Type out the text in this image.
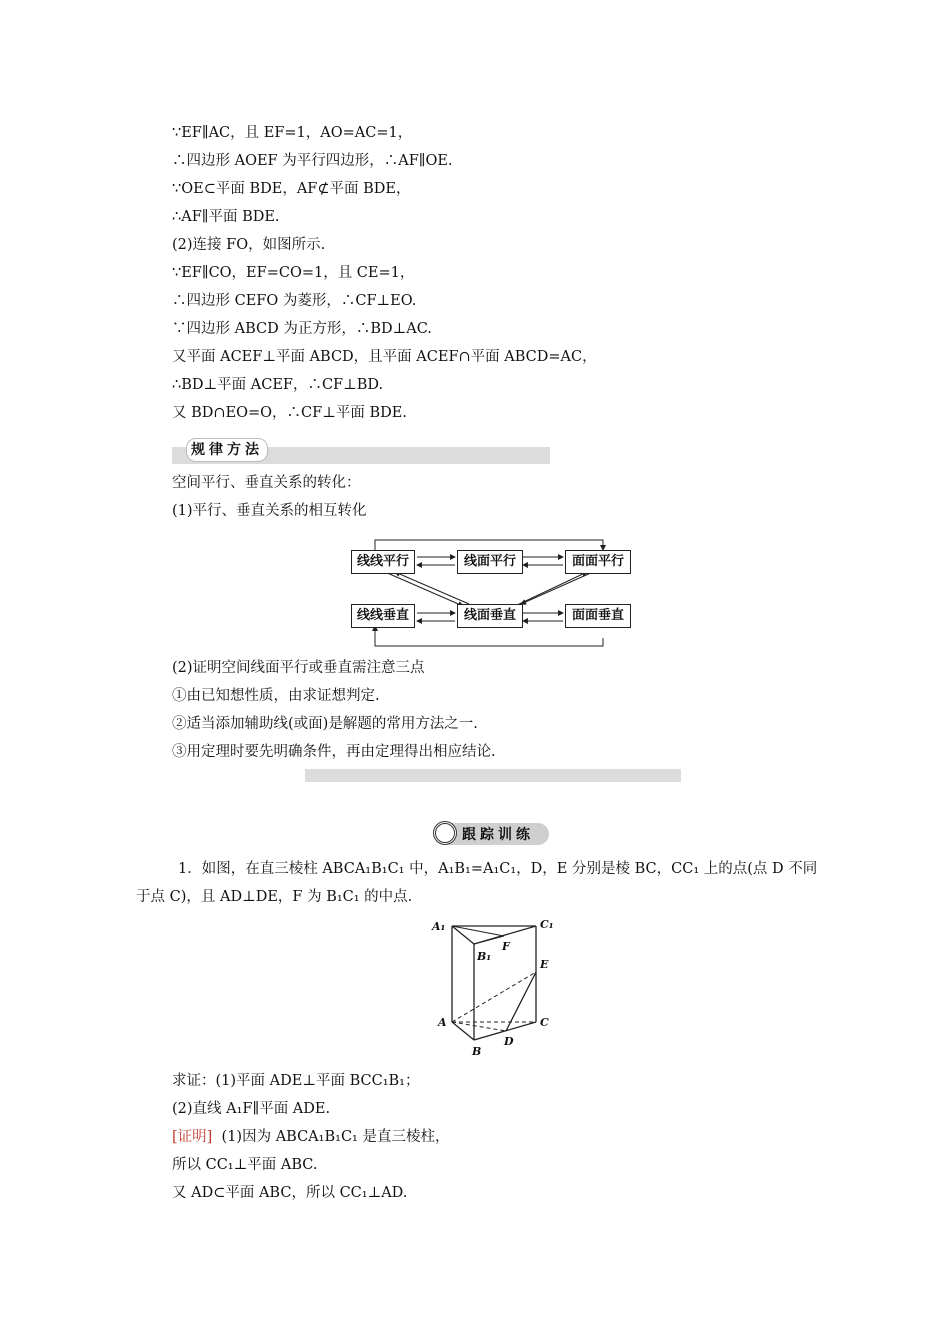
∵EF∥AC，且 EF=1，AO=AC=1，
∴四边形 AOEF 为平行四边形，∴AF∥OE.
∵OE⊂平面 BDE，AF⊄平面 BDE，
∴AF∥平面 BDE.
(2)连接 FO，如图所示.
∵EF∥CO，EF=CO=1，且 CE=1，
∴四边形 CEFO 为菱形，∴CF⊥EO.
∵四边形 ABCD 为正方形，∴BD⊥AC.
又平面 ACEF⊥平面 ABCD，且平面 ACEF∩平面 ABCD=AC，
∴BD⊥平面 ACEF，∴CF⊥BD.
又 BD∩EO=O，∴CF⊥平面 BDE.
规律方法
空间平行、垂直关系的转化：
(1)平行、垂直关系的相互转化
线线平行	线面平行	面面平行
线线垂直	线面垂直	面面垂直
(2)证明空间线面平行或垂直需注意三点
①由已知想性质，由求证想判定.
②适当添加辅助线(或面)是解题的常用方法之一.
③用定理时要先明确条件，再由定理得出相应结论.
跟踪训练
1．如图，在直三棱柱 ABCA₁B₁C₁ 中，A₁B₁=A₁C₁，D，E 分别是棱 BC，CC₁ 上的点(点 D 不同
于点 C)，且 AD⊥DE，F 为 B₁C₁ 的中点.
A₁	C₁
B₁
F
E
A	C
B
D
求证：(1)平面 ADE⊥平面 BCC₁B₁；
(2)直线 A₁F∥平面 ADE.
[证明] (1)因为 ABCA₁B₁C₁ 是直三棱柱，
所以 CC₁⊥平面 ABC.
又 AD⊂平面 ABC，所以 CC₁⊥AD.
